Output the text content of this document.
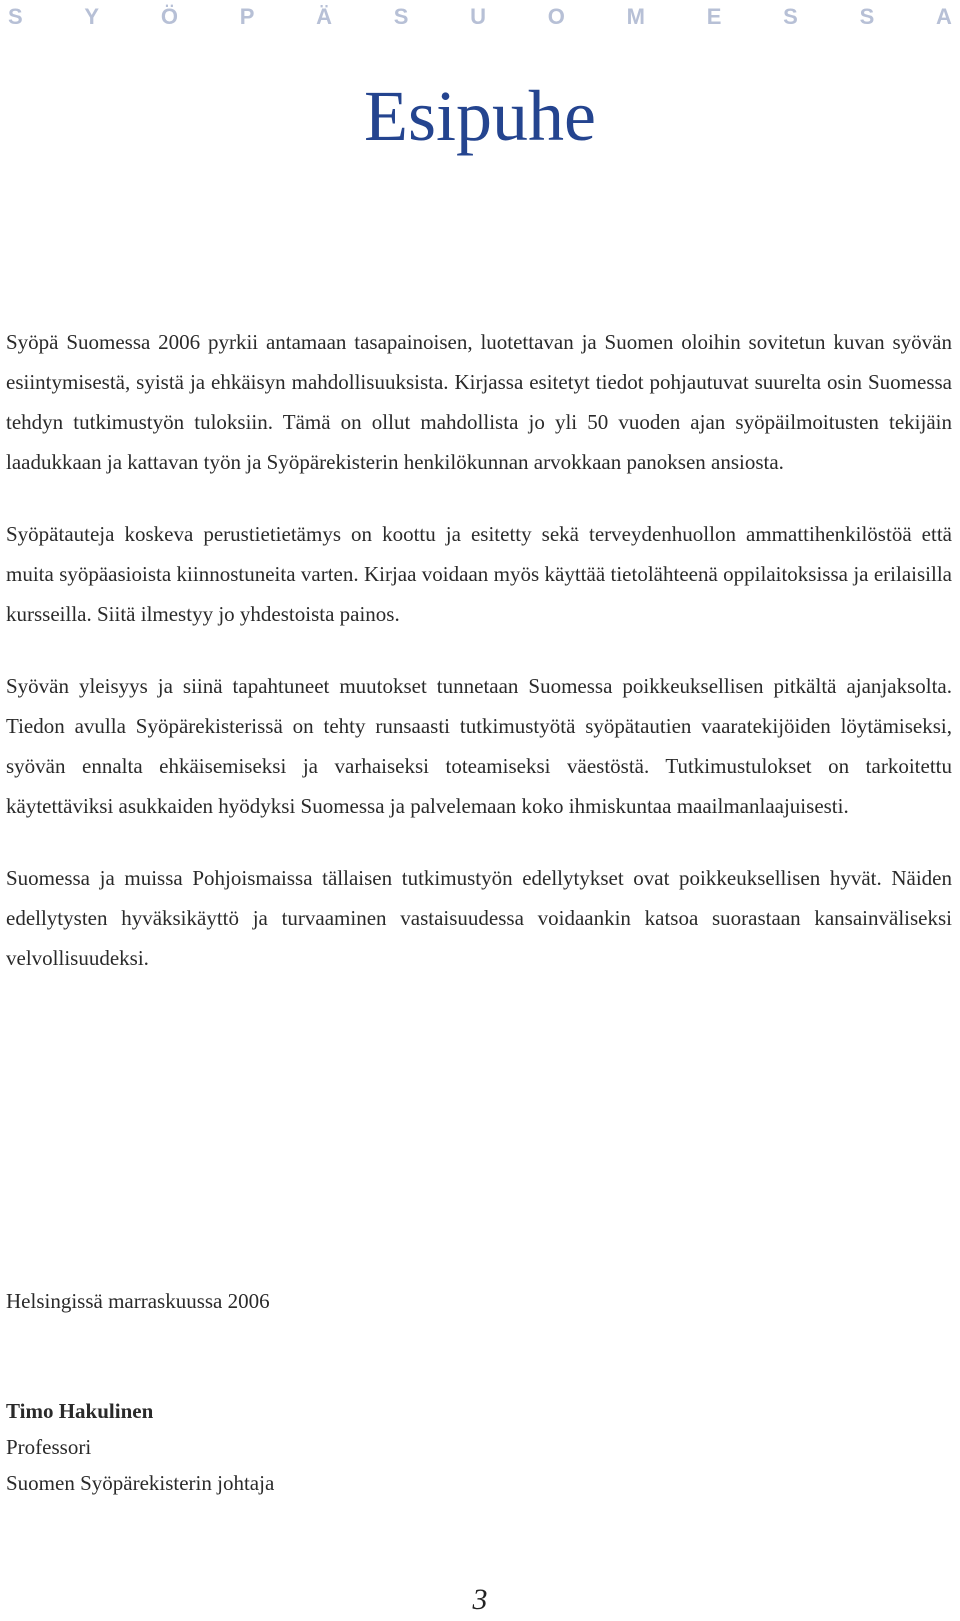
S	Y	Ö	P	Ä	S	U	O	M	E	S	S	A
Esipuhe

Syöpä Suomessa 2006 pyrkii antamaan tasapainoisen, luotettavan ja Suomen oloihin sovitetun kuvan syövän esiintymisestä, syistä ja ehkäisyn mahdollisuuksista. Kirjassa esitetyt tiedot pohjautuvat suurelta osin Suomessa tehdyn tutkimustyön tuloksiin. Tämä on ollut mahdollista jo yli 50 vuoden ajan syöpäilmoitusten tekijäin laadukkaan ja kattavan työn ja Syöpärekisterin henkilökunnan arvokkaan panoksen ansiosta.

Syöpätauteja koskeva perustietietämys on koottu ja esitetty sekä terveydenhuollon ammattihenkilöstöä että muita syöpäasioista kiinnostuneita varten. Kirjaa voidaan myös käyttää tietolähteenä oppilaitoksissa ja erilaisilla kursseilla. Siitä ilmestyy jo yhdestoista painos.

Syövän yleisyys ja siinä tapahtuneet muutokset tunnetaan Suomessa poikkeuksellisen pitkältä ajanjaksolta. Tiedon avulla Syöpärekisterissä on tehty runsaasti tutkimustyötä syöpätautien vaaratekijöiden löytämiseksi, syövän ennalta ehkäisemiseksi ja varhaiseksi toteamiseksi väestöstä. Tutkimustulokset on tarkoitettu käytettäviksi asukkaiden hyödyksi Suomessa ja palvelemaan koko ihmiskuntaa maailmanlaajuisesti.

Suomessa ja muissa Pohjoismaissa tällaisen tutkimustyön edellytykset ovat poikkeuksellisen hyvät. Näiden edellytysten hyväksikäyttö ja turvaaminen vastaisuudessa voidaankin katsoa suorastaan kansainväliseksi velvollisuudeksi.

Helsingissä marraskuussa 2006

Timo Hakulinen
Professori
Suomen Syöpärekisterin johtaja
3
